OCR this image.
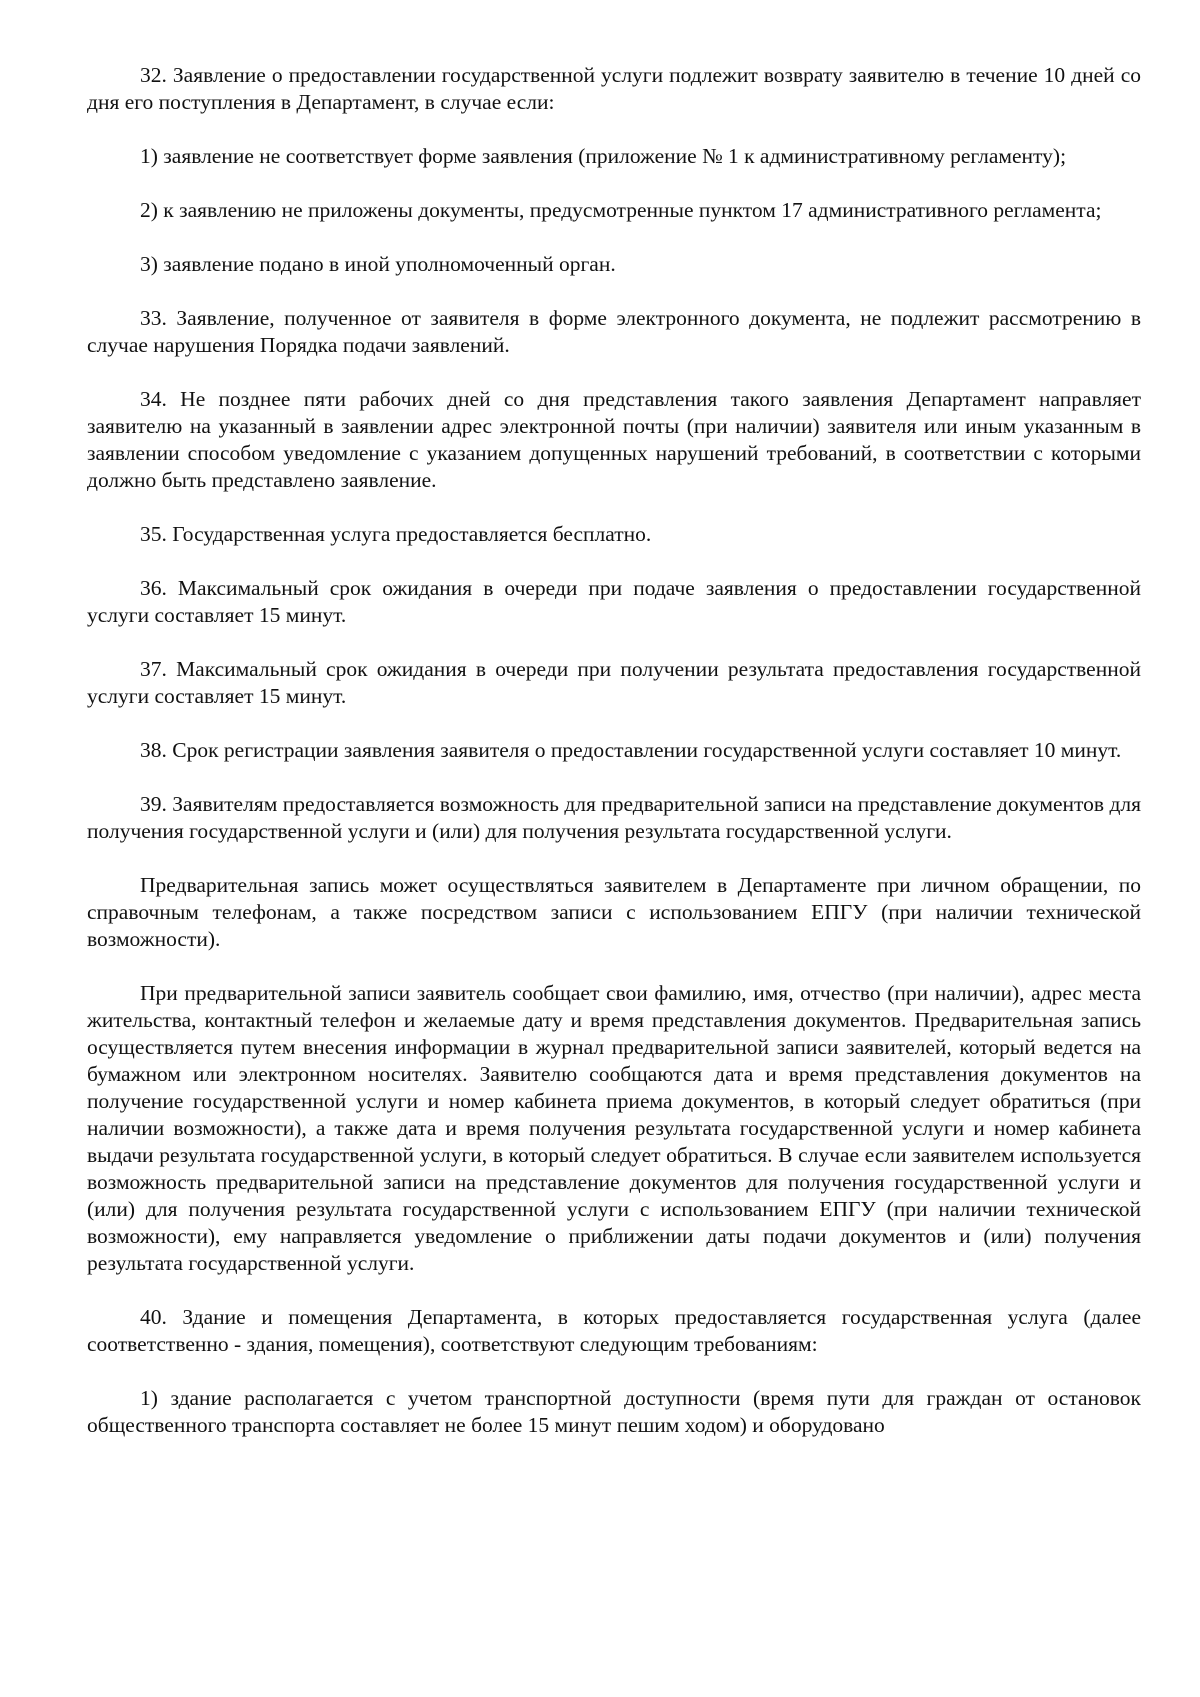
32. Заявление о предоставлении государственной услуги подлежит возврату заявителю в течение 10 дней со дня его поступления в Департамент, в случае если:

1) заявление не соответствует форме заявления (приложение № 1 к административному регламенту);

2) к заявлению не приложены документы, предусмотренные пунктом 17 административного регламента;

3) заявление подано в иной уполномоченный орган.

33. Заявление, полученное от заявителя в форме электронного документа, не подлежит рассмотрению в случае нарушения Порядка подачи заявлений.

34. Не позднее пяти рабочих дней со дня представления такого заявления Департамент направляет заявителю на указанный в заявлении адрес электронной почты (при наличии) заявителя или иным указанным в заявлении способом уведомление с указанием допущенных нарушений требований, в соответствии с которыми должно быть представлено заявление.

35. Государственная услуга предоставляется бесплатно.

36. Максимальный срок ожидания в очереди при подаче заявления о предоставлении государственной услуги составляет 15 минут.

37. Максимальный срок ожидания в очереди при получении результата предоставления государственной услуги составляет 15 минут.

38. Срок регистрации заявления заявителя о предоставлении государственной услуги составляет 10 минут.

39. Заявителям предоставляется возможность для предварительной записи на представление документов для получения государственной услуги и (или) для получения результата государственной услуги.

Предварительная запись может осуществляться заявителем в Департаменте при личном обращении, по справочным телефонам, а также посредством записи с использованием ЕПГУ (при наличии технической возможности).

При предварительной записи заявитель сообщает свои фамилию, имя, отчество (при наличии), адрес места жительства, контактный телефон и желаемые дату и время представления документов. Предварительная запись осуществляется путем внесения информации в журнал предварительной записи заявителей, который ведется на бумажном или электронном носителях. Заявителю сообщаются дата и время представления документов на получение государственной услуги и номер кабинета приема документов, в который следует обратиться (при наличии возможности), а также дата и время получения результата государственной услуги и номер кабинета выдачи результата государственной услуги, в который следует обратиться. В случае если заявителем используется возможность предварительной записи на представление документов для получения государственной услуги и (или) для получения результата государственной услуги с использованием ЕПГУ (при наличии технической возможности), ему направляется уведомление о приближении даты подачи документов и (или) получения результата государственной услуги.

40. Здание и помещения Департамента, в которых предоставляется государственная услуга (далее соответственно - здания, помещения), соответствуют следующим требованиям:

1) здание располагается с учетом транспортной доступности (время пути для граждан от остановок общественного транспорта составляет не более 15 минут пешим ходом) и оборудовано
